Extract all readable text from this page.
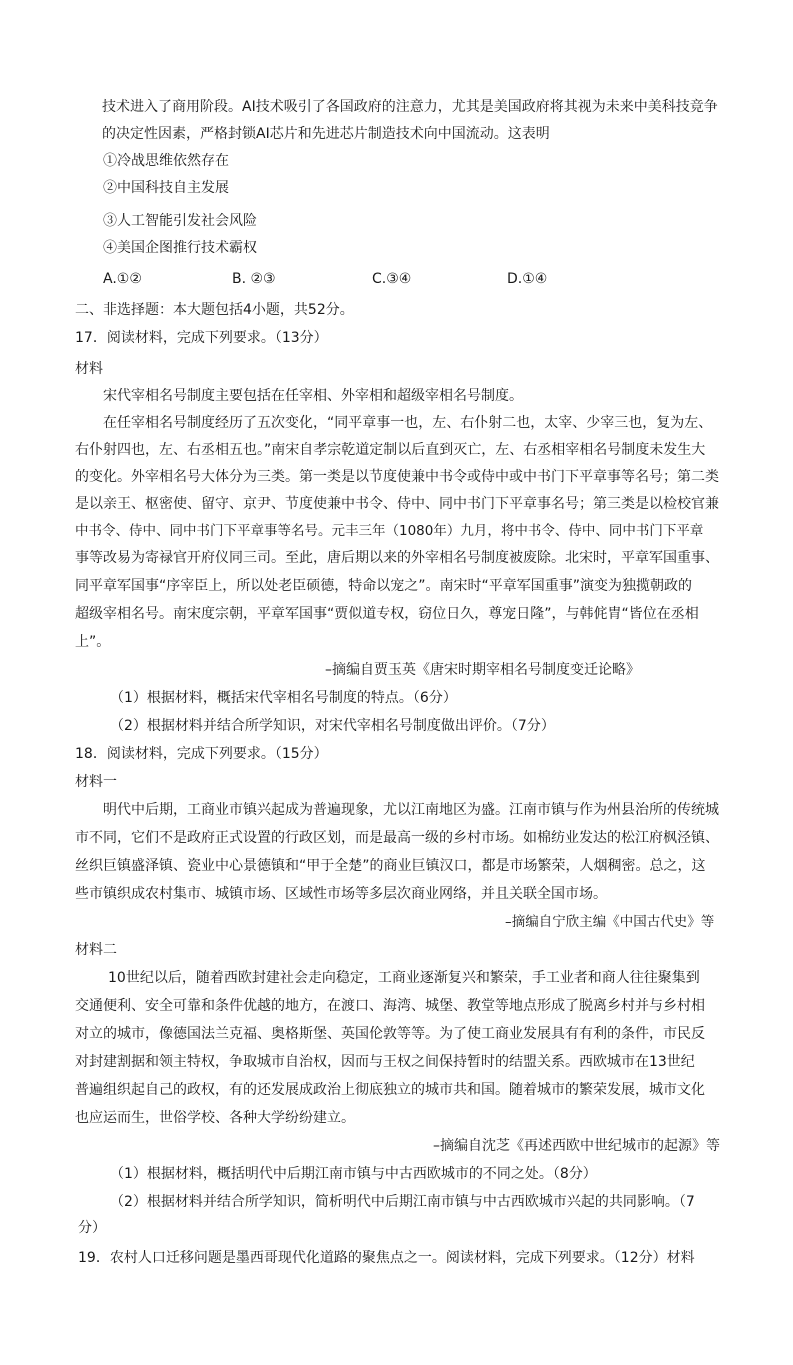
技术进入了商用阶段。AI技术吸引了各国政府的注意力，尤其是美国政府将其视为未来中美科技竞争
的决定性因素，严格封锁AI芯片和先进芯片制造技术向中国流动。这表明
①冷战思维依然存在
②中国科技自主发展
③人工智能引发社会风险
④美国企图推行技术霸权
A.①②	B. ②③	C.③④	D.①④
二、非选择题：本大题包括4小题，共52分。
17．阅读材料，完成下列要求。（13分）
材料
宋代宰相名号制度主要包括在任宰相、外宰相和超级宰相名号制度。
在任宰相名号制度经历了五次变化，“同平章事一也，左、右仆射二也，太宰、少宰三也，复为左、
右仆射四也，左、右丞相五也。”南宋自孝宗乾道定制以后直到灭亡，左、右丞相宰相名号制度未发生大
的变化。外宰相名号大体分为三类。第一类是以节度使兼中书令或侍中或中书门下平章事等名号；第二类
是以亲王、枢密使、留守、京尹、节度使兼中书令、侍中、同中书门下平章事名号；第三类是以检校官兼
中书令、侍中、同中书门下平章事等名号。元丰三年（1080年）九月，将中书令、侍中、同中书门下平章
事等改易为寄禄官开府仪同三司。至此，唐后期以来的外宰相名号制度被废除。北宋时，平章军国重事、
同平章军国事“序宰臣上，所以处老臣硕德，特命以宠之”。南宋时“平章军国重事”演变为独揽朝政的
超级宰相名号。南宋度宗朝，平章军国事“贾似道专权，窃位日久，尊宠日隆”，与韩侂胄“皆位在丞相
上”。
–摘编自贾玉英《唐宋时期宰相名号制度变迁论略》
（1）根据材料，概括宋代宰相名号制度的特点。（6分）
（2）根据材料并结合所学知识，对宋代宰相名号制度做出评价。（7分）
18．阅读材料，完成下列要求。（15分）
材料一
明代中后期，工商业市镇兴起成为普遍现象，尤以江南地区为盛。江南市镇与作为州县治所的传统城
市不同，它们不是政府正式设置的行政区划，而是最高一级的乡村市场。如棉纺业发达的松江府枫泾镇、
丝织巨镇盛泽镇、瓷业中心景德镇和“甲于全楚”的商业巨镇汉口，都是市场繁荣，人烟稠密。总之，这
些市镇织成农村集市、城镇市场、区域性市场等多层次商业网络，并且关联全国市场。
–摘编自宁欣主编《中国古代史》等
材料二
10世纪以后，随着西欧封建社会走向稳定，工商业逐渐复兴和繁荣，手工业者和商人往往聚集到
交通便利、安全可靠和条件优越的地方，在渡口、海湾、城堡、教堂等地点形成了脱离乡村并与乡村相
对立的城市，像德国法兰克福、奥格斯堡、英国伦敦等等。为了使工商业发展具有有利的条件，市民反
对封建割据和领主特权，争取城市自治权，因而与王权之间保持暂时的结盟关系。西欧城市在13世纪
普遍组织起自己的政权，有的还发展成政治上彻底独立的城市共和国。随着城市的繁荣发展，城市文化
也应运而生，世俗学校、各种大学纷纷建立。
–摘编自沈芝《再述西欧中世纪城市的起源》等
（1）根据材料，概括明代中后期江南市镇与中古西欧城市的不同之处。（8分）
（2）根据材料并结合所学知识，简析明代中后期江南市镇与中古西欧城市兴起的共同影响。（7
分）
19．农村人口迁移问题是墨西哥现代化道路的聚焦点之一。阅读材料，完成下列要求。（12分）材料
